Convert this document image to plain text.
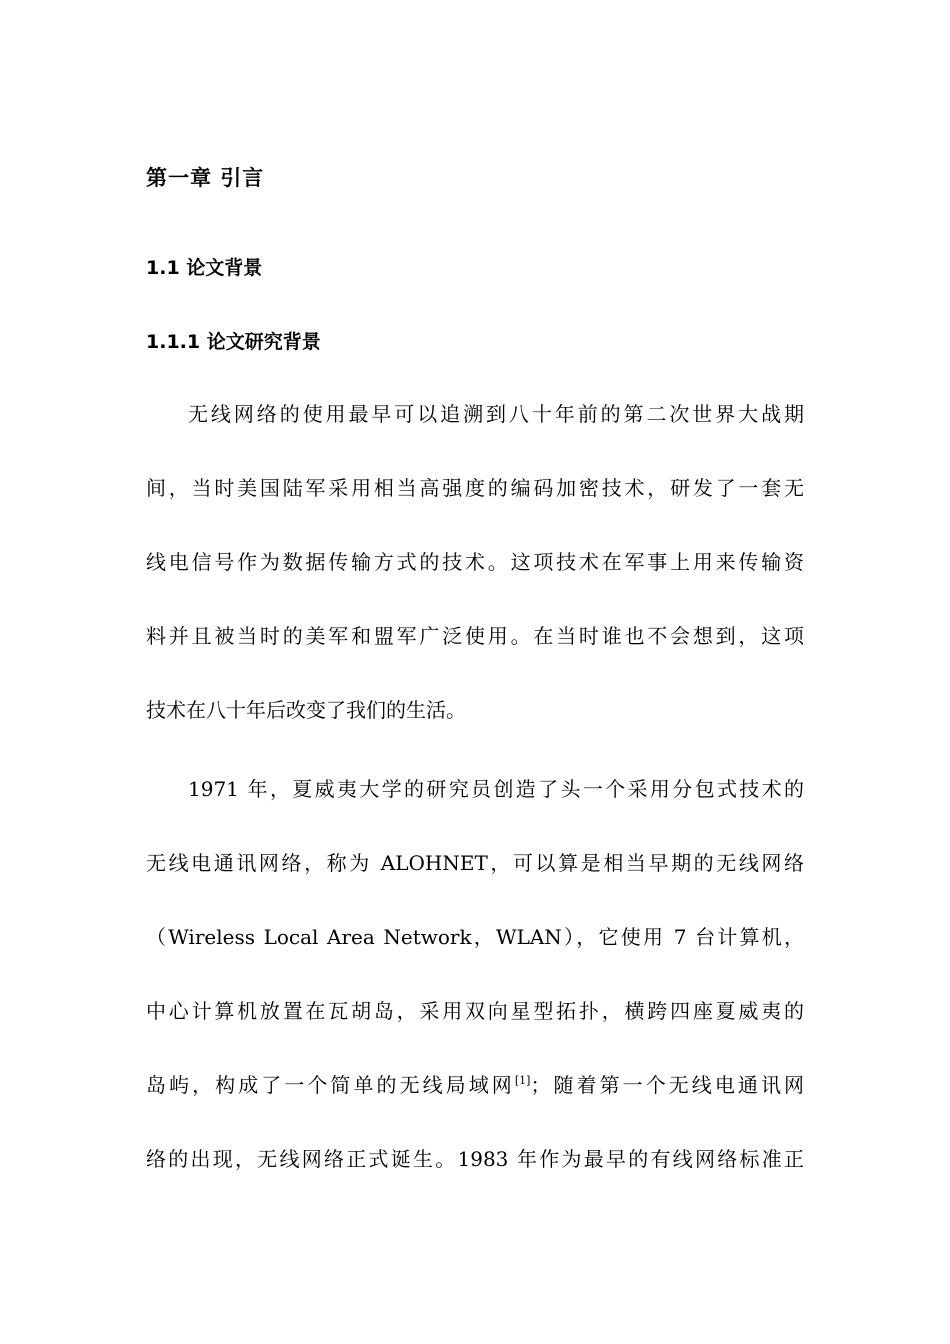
第一章 引言
1.1 论文背景
1.1.1 论文研究背景
无线网络的使用最早可以追溯到八十年前的第二次世界大战期
间，当时美国陆军采用相当高强度的编码加密技术，研发了一套无
线电信号作为数据传输方式的技术。这项技术在军事上用来传输资
料并且被当时的美军和盟军广泛使用。在当时谁也不会想到，这项
技术在八十年后改变了我们的生活。
1971 年，夏威夷大学的研究员创造了头一个采用分包式技术的
无线电通讯网络，称为 ALOHNET，可以算是相当早期的无线网络
（Wireless Local Area Network，WLAN），它使用 7 台计算机，
中心计算机放置在瓦胡岛，采用双向星型拓扑，横跨四座夏威夷的
岛屿，构成了一个简单的无线局域网[1]；随着第一个无线电通讯网
络的出现，无线网络正式诞生。1983 年作为最早的有线网络标准正
